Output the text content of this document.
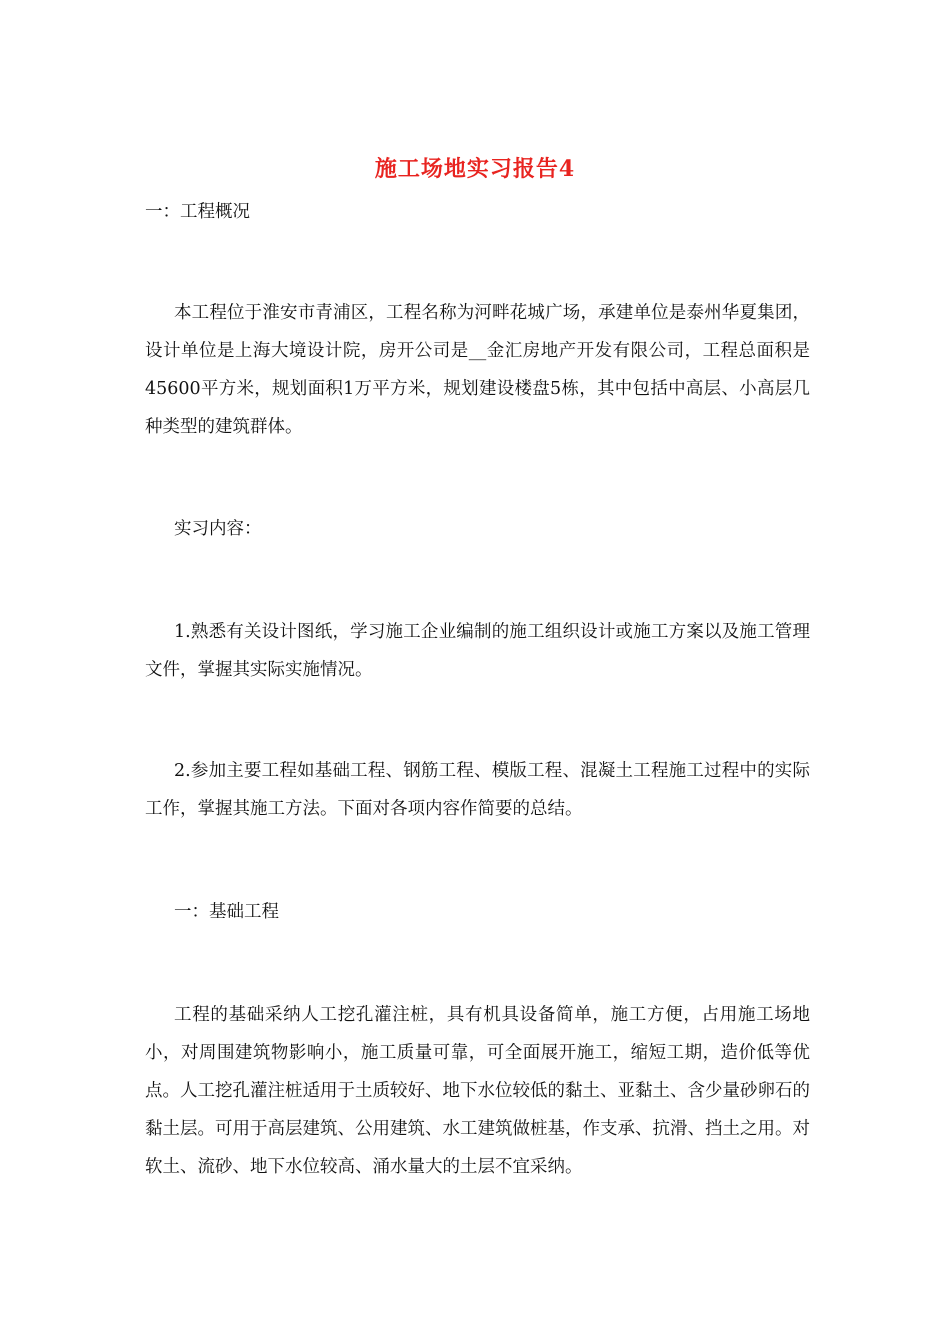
施工场地实习报告4

一：工程概况

本工程位于淮安市青浦区，工程名称为河畔花城广场，承建单位是泰州华夏集团，设计单位是上海大境设计院，房开公司是__金汇房地产开发有限公司，工程总面积是45600平方米，规划面积1万平方米，规划建设楼盘5栋，其中包括中高层、小高层几种类型的建筑群体。

实习内容：

1.熟悉有关设计图纸，学习施工企业编制的施工组织设计或施工方案以及施工管理文件，掌握其实际实施情况。

2.参加主要工程如基础工程、钢筋工程、模版工程、混凝土工程施工过程中的实际工作，掌握其施工方法。下面对各项内容作简要的总结。

一：基础工程

工程的基础采纳人工挖孔灌注桩，具有机具设备简单，施工方便，占用施工场地小，对周围建筑物影响小，施工质量可靠，可全面展开施工，缩短工期，造价低等优点。人工挖孔灌注桩适用于土质较好、地下水位较低的黏土、亚黏土、含少量砂卵石的黏土层。可用于高层建筑、公用建筑、水工建筑做桩基，作支承、抗滑、挡土之用。对软土、流砂、地下水位较高、涌水量大的土层不宜采纳。
